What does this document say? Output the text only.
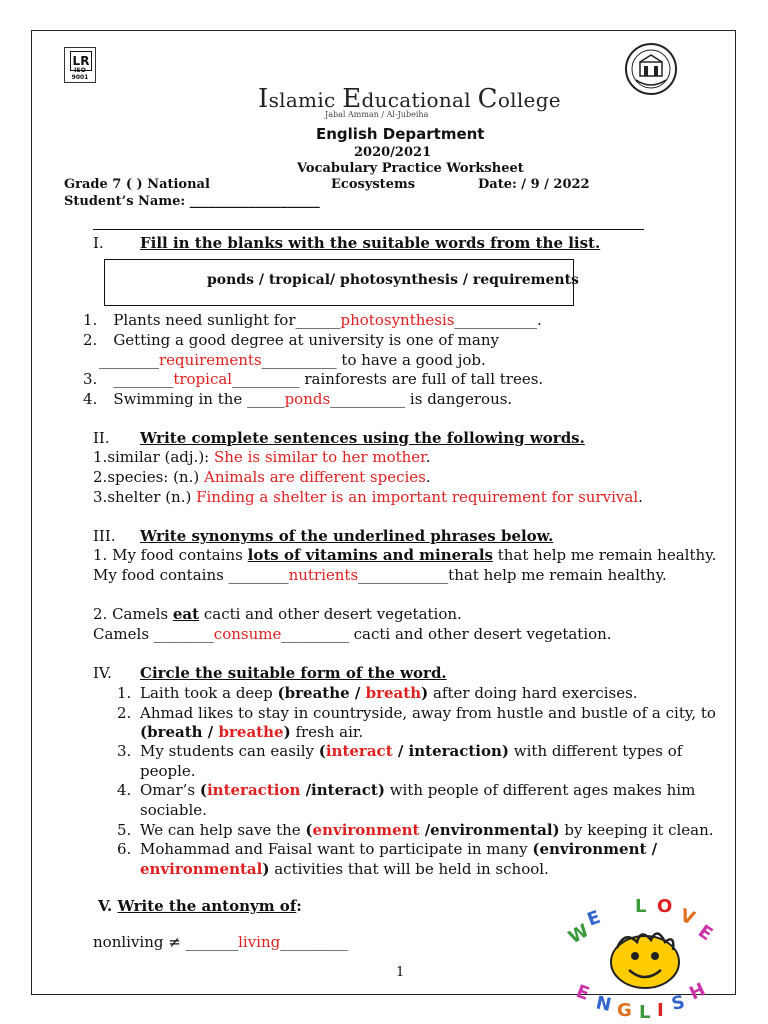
LR
ISO 9001
Islamic Educational College
Jabal Amman / Al-Jubeiha
English Department
2020/2021
Vocabulary Practice Worksheet
Grade 7 ( ) National	Ecosystems	Date: / 9 / 2022
Student’s Name: ____________________
I. Fill in the blanks with the suitable words from the list.
ponds / tropical/ photosynthesis / requirements
1. Plants need sunlight for______photosynthesis___________.
2. Getting a good degree at university is one of many
________requirements__________ to have a good job.
3. ________tropical_________ rainforests are full of tall trees.
4. Swimming in the _____ponds__________ is dangerous.
II. Write complete sentences using the following words.
1.similar (adj.): She is similar to her mother.
2.species: (n.) Animals are different species.
3.shelter (n.) Finding a shelter is an important requirement for survival.
III. Write synonyms of the underlined phrases below.
1. My food contains lots of vitamins and minerals that help me remain healthy.
My food contains ________nutrients____________that help me remain healthy.
2. Camels eat cacti and other desert vegetation.
Camels ________consume_________ cacti and other desert vegetation.
IV. Circle the suitable form of the word.
1. Laith took a deep (breathe / breath) after doing hard exercises.
2. Ahmad likes to stay in countryside, away from hustle and bustle of a city, to
(breath / breathe) fresh air.
3. My students can easily (interact / interaction) with different types of
people.
4. Omar’s (interaction /interact) with people of different ages makes him
sociable.
5. We can help save the (environment /environmental) by keeping it clean.
6. Mohammad and Faisal want to participate in many (environment /
environmental) activities that will be held in school.
V. Write the antonym of:
nonliving ≠ _______living_________
1
W
E
L O V
E
E N G L I S H
